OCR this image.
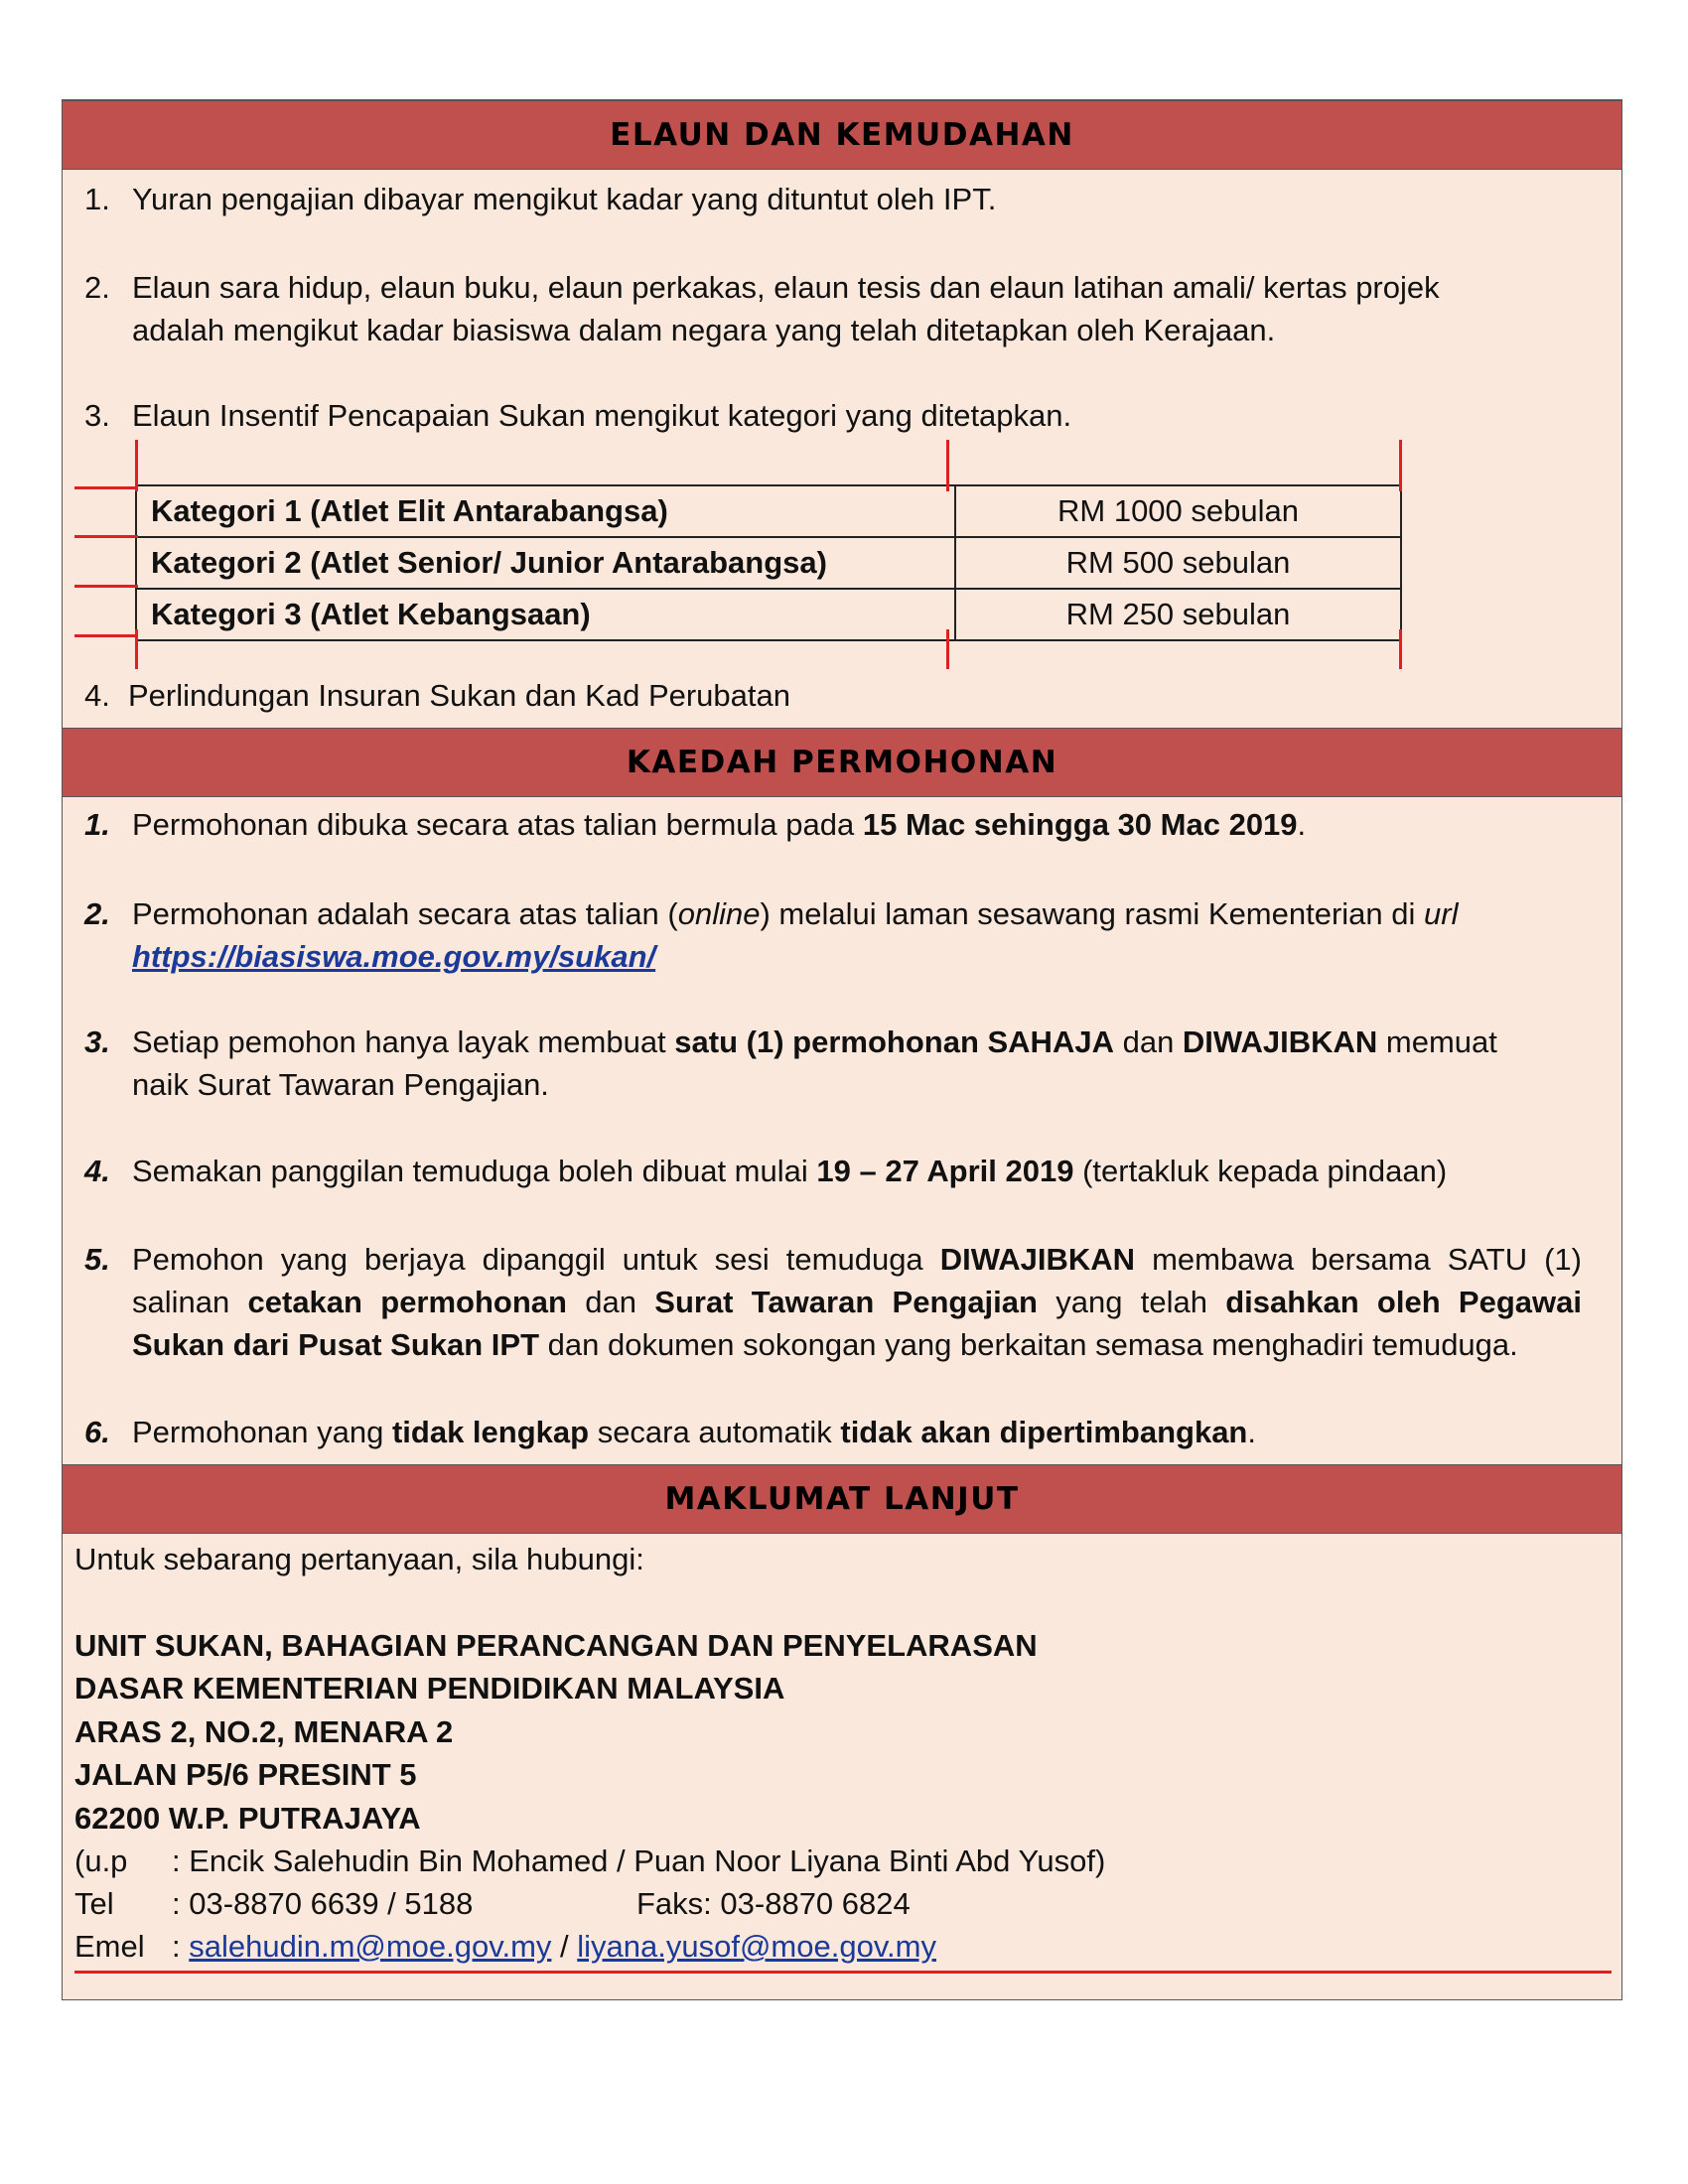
ELAUN DAN KEMUDAHAN
1. Yuran pengajian dibayar mengikut kadar yang dituntut oleh IPT.
2. Elaun sara hidup, elaun buku, elaun perkakas, elaun tesis dan elaun latihan amali/ kertas projek
adalah mengikut kadar biasiswa dalam negara yang telah ditetapkan oleh Kerajaan.
3. Elaun Insentif Pencapaian Sukan mengikut kategori yang ditetapkan.
Kategori 1 (Atlet Elit Antarabangsa)	RM 1000 sebulan
Kategori 2 (Atlet Senior/ Junior Antarabangsa)	RM 500 sebulan
Kategori 3 (Atlet Kebangsaan)	RM 250 sebulan
4. Perlindungan Insuran Sukan dan Kad Perubatan
KAEDAH PERMOHONAN
1. Permohonan dibuka secara atas talian bermula pada 15 Mac sehingga 30 Mac 2019.
2. Permohonan adalah secara atas talian (online) melalui laman sesawang rasmi Kementerian di url
https://biasiswa.moe.gov.my/sukan/
3. Setiap pemohon hanya layak membuat satu (1) permohonan SAHAJA dan DIWAJIBKAN memuat
naik Surat Tawaran Pengajian.
4. Semakan panggilan temuduga boleh dibuat mulai 19 – 27 April 2019 (tertakluk kepada pindaan)
5. Pemohon yang berjaya dipanggil untuk sesi temuduga DIWAJIBKAN membawa bersama SATU (1)
salinan cetakan permohonan dan Surat Tawaran Pengajian yang telah disahkan oleh Pegawai
Sukan dari Pusat Sukan IPT dan dokumen sokongan yang berkaitan semasa menghadiri temuduga.
6. Permohonan yang tidak lengkap secara automatik tidak akan dipertimbangkan.
MAKLUMAT LANJUT
Untuk sebarang pertanyaan, sila hubungi:
UNIT SUKAN, BAHAGIAN PERANCANGAN DAN PENYELARASAN
DASAR KEMENTERIAN PENDIDIKAN MALAYSIA
ARAS 2, NO.2, MENARA 2
JALAN P5/6 PRESINT 5
62200 W.P. PUTRAJAYA
(u.p : Encik Salehudin Bin Mohamed / Puan Noor Liyana Binti Abd Yusof)
Tel : 03-8870 6639 / 5188	Faks: 03-8870 6824
Emel : salehudin.m@moe.gov.my / liyana.yusof@moe.gov.my
